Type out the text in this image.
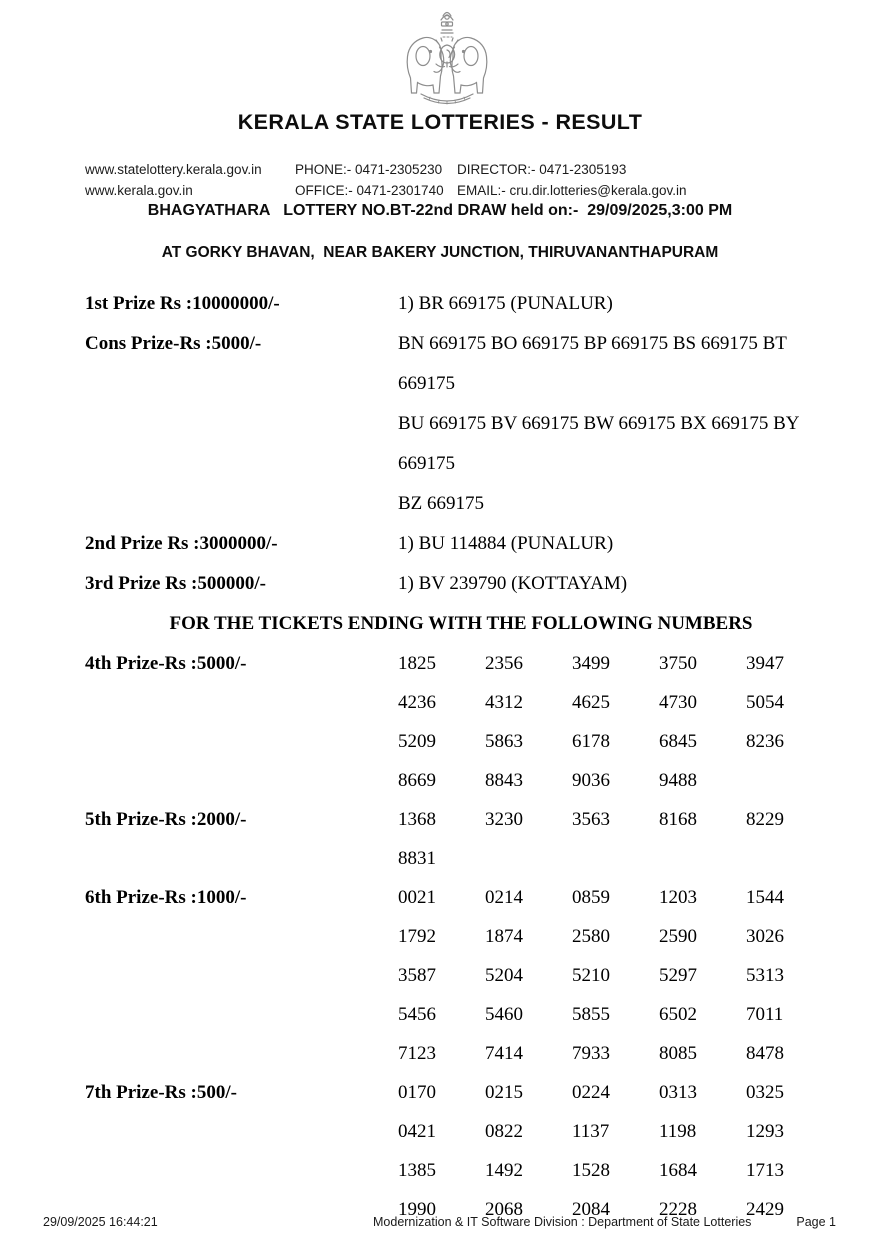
KERALA STATE LOTTERIES - RESULT
www.statelottery.kerala.gov.in	PHONE:- 0471-2305230	DIRECTOR:- 0471-2305193
www.kerala.gov.in	OFFICE:- 0471-2301740 EMAIL:- cru.dir.lotteries@kerala.gov.in
BHAGYATHARA   LOTTERY NO.BT-22nd DRAW held on:-  29/09/2025,3:00 PM
AT GORKY BHAVAN,  NEAR BAKERY JUNCTION, THIRUVANANTHAPURAM
1st Prize Rs :10000000/-	1) BR 669175 (PUNALUR)
Cons Prize-Rs :5000/-	BN 669175 BO 669175 BP 669175 BS 669175 BT 669175
BU 669175 BV 669175 BW 669175 BX 669175 BY 669175
BZ 669175
2nd Prize Rs :3000000/-	1) BU 114884 (PUNALUR)
3rd Prize Rs :500000/-	1) BV 239790 (KOTTAYAM)
FOR THE TICKETS ENDING WITH THE FOLLOWING NUMBERS
4th Prize-Rs :5000/-	1825	2356	3499	3750	3947
4236	4312	4625	4730	5054
5209	5863	6178	6845	8236
8669	8843	9036	9488
5th Prize-Rs :2000/-	1368	3230	3563	8168	8229
8831
6th Prize-Rs :1000/-	0021	0214	0859	1203	1544
1792	1874	2580	2590	3026
3587	5204	5210	5297	5313
5456	5460	5855	6502	7011
7123	7414	7933	8085	8478
7th Prize-Rs :500/-	0170	0215	0224	0313	0325
0421	0822	1137	1198	1293
1385	1492	1528	1684	1713
1990	2068	2084	2228	2429
29/09/2025 16:44:21	Modernization & IT Software Division : Department of State Lotteries	Page 1
